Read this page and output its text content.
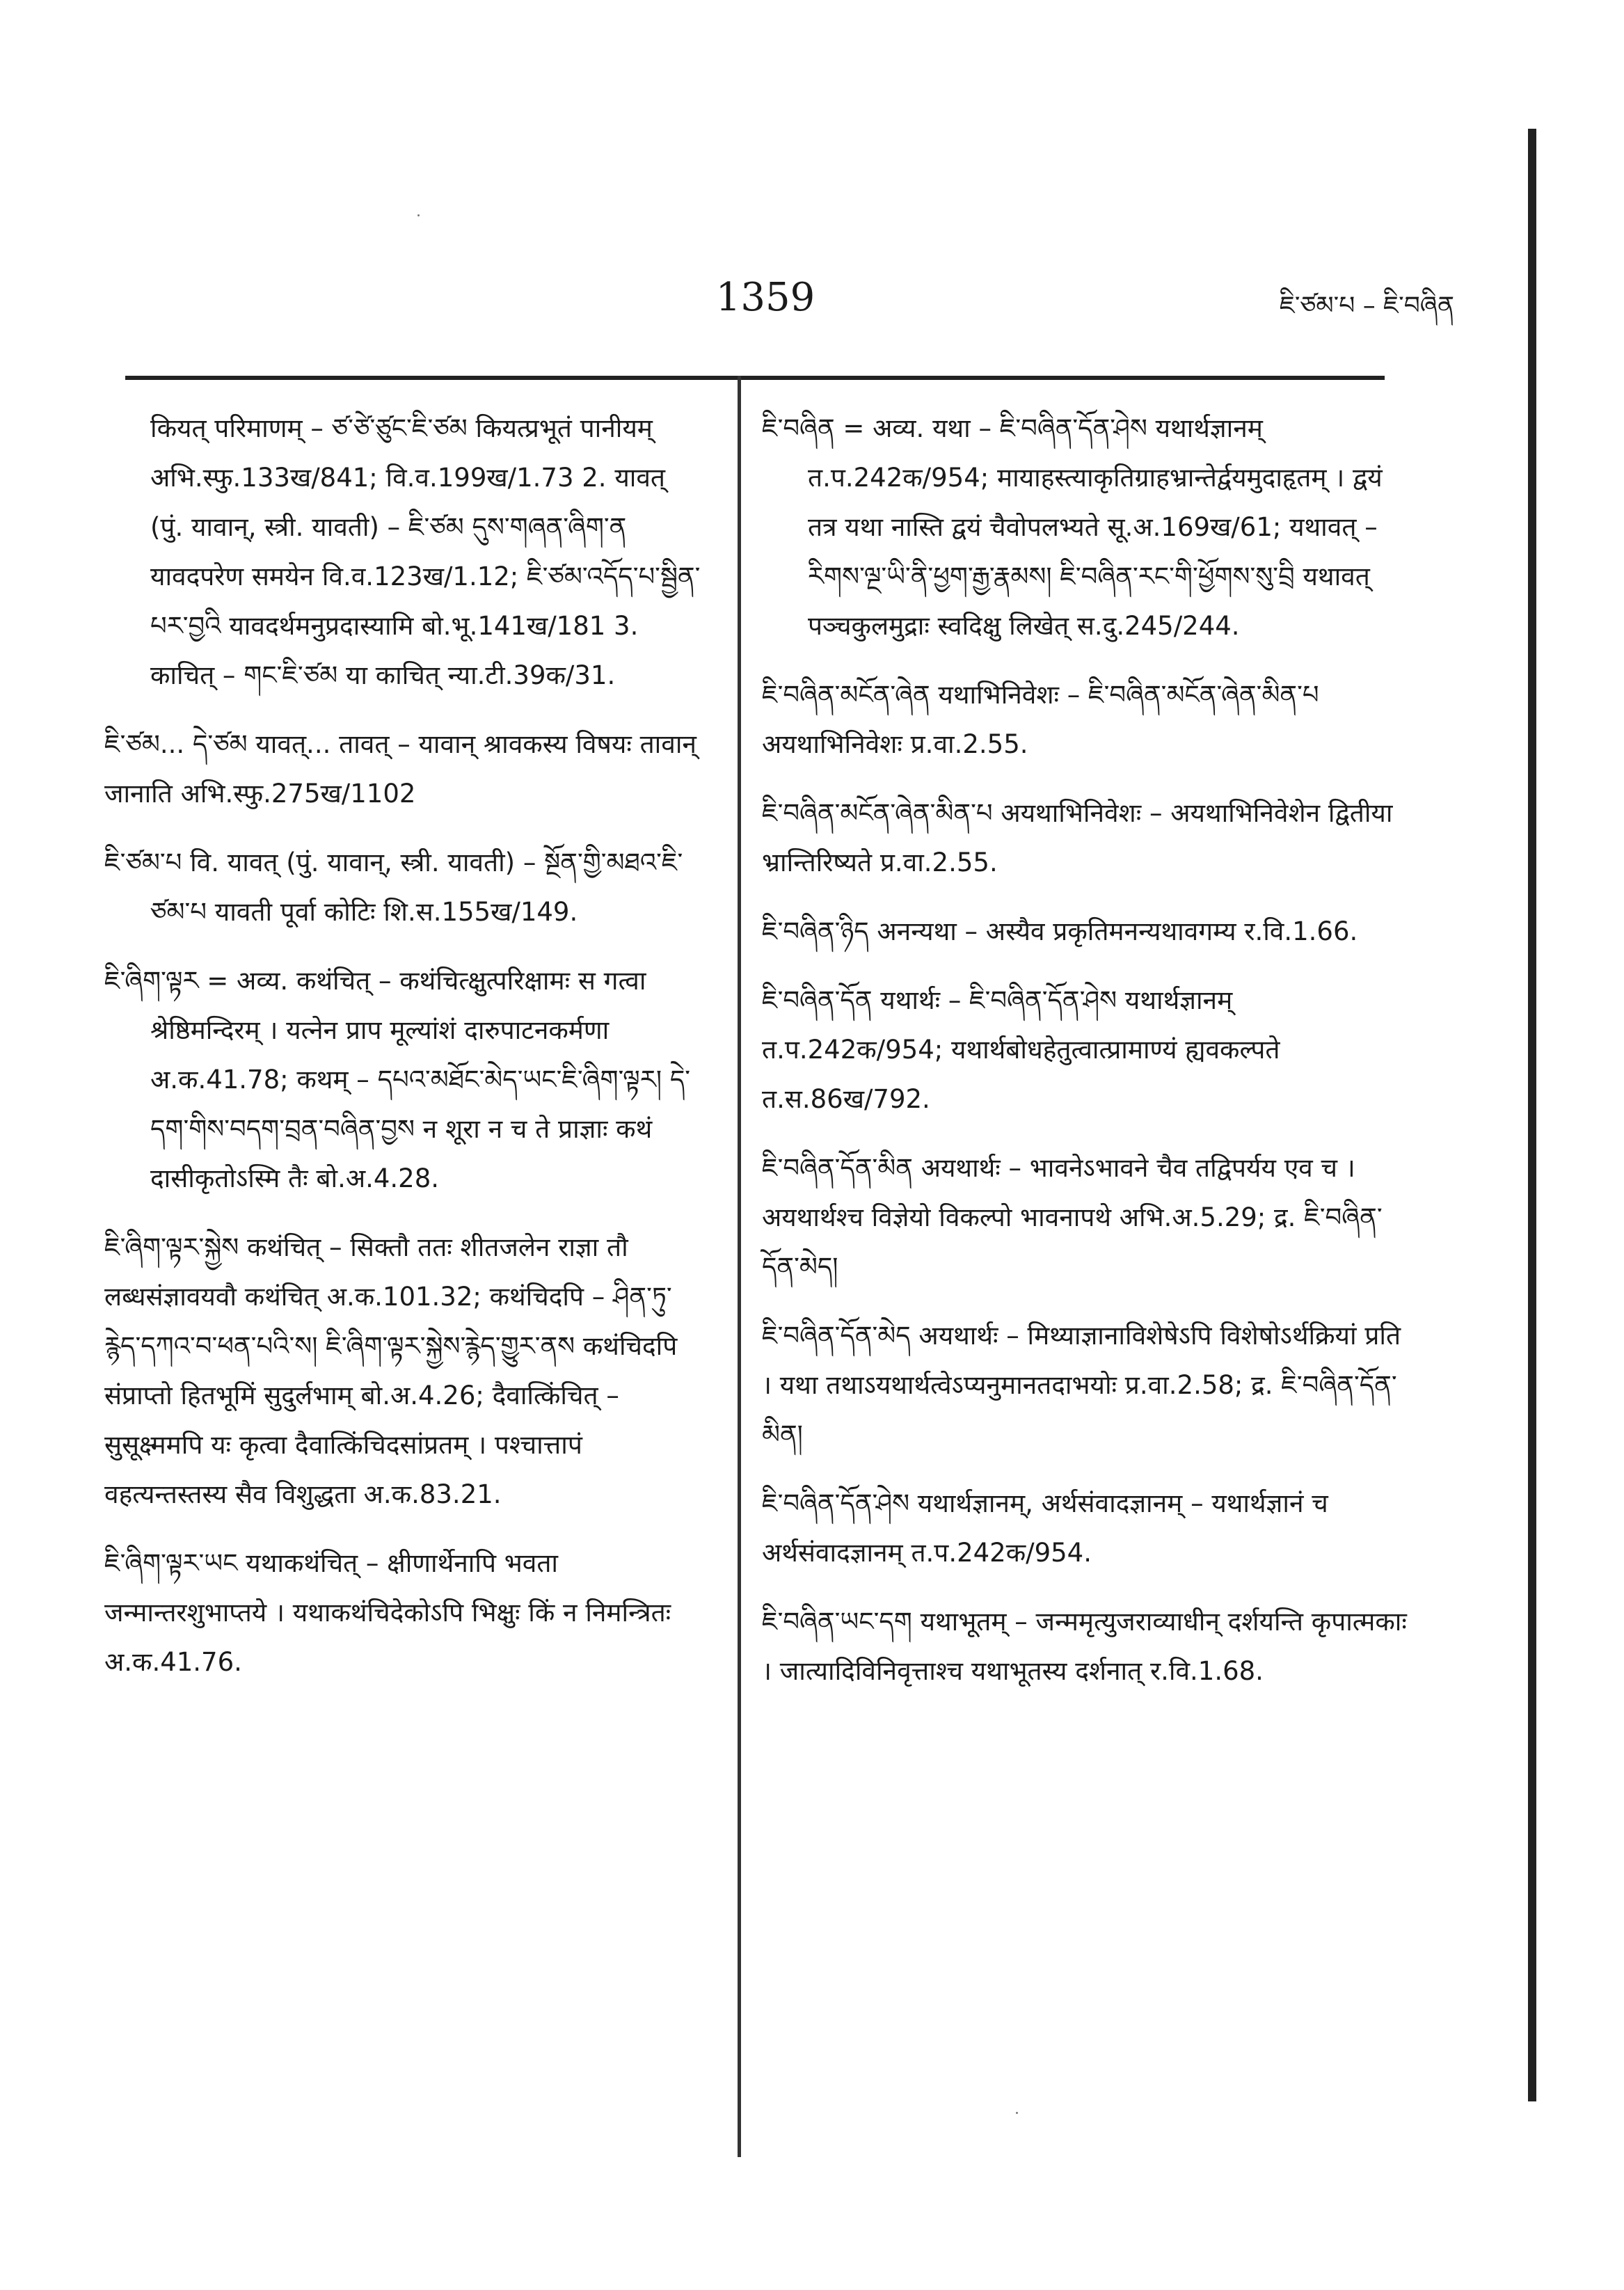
1359	ཇི་ཙམ་པ – ཇི་བཞིན

कियत् परिमाणम् – ཙ་ཙེ་ཙུང་ཇི་ཙམ कियत्प्रभूतं पानीयम् अभि.स्फु.133ख/841; वि.व.199ख/1.73 2. यावत् (पुं. यावान्, स्त्री. यावती) – ཇི་ཙམ དུས་གཞན་ཞིག་ན यावदपरेण समयेन वि.व.123ख/1.12; ཇི་ཙམ་འདོད་པ་སྦྱིན་པར་བྱའི यावदर्थमनुप्रदास्यामि बो.भू.141ख/181 3. काचित् – གང་ཇི་ཙམ या काचित् न्या.टी.39क/31.

ཇི་ཙམ... དེ་ཙམ यावत्... तावत् – यावान् श्रावकस्य विषयः तावान् जानाति अभि.स्फु.275ख/1102

ཇི་ཙམ་པ वि. यावत् (पुं. यावान्, स्त्री. यावती) – སྔོན་གྱི་མཐའ་ཇི་ཙམ་པ यावती पूर्वा कोटिः शि.स.155ख/149.

ཇི་ཞིག་ལྟར = अव्य. कथंचित् – कथंचित्क्षुत्परिक्षामः स गत्वा श्रेष्ठिमन्दिरम् । यत्नेन प्राप मूल्यांशं दारुपाटनकर्मणा अ.क.41.78; कथम् – དཔའ་མཐོང་མེད་ཡང་ཇི་ཞིག་ལྟར། དེ་དག་གིས་བདག་བྲན་བཞིན་བྱས न शूरा न च ते प्राज्ञाः कथं दासीकृतोऽस्मि तैः बो.अ.4.28.

ཇི་ཞིག་ལྟར་སྐྱེས कथंचित् – सिक्तौ ततः शीतजलेन राज्ञा तौ लब्धसंज्ञावयवौ कथंचित् अ.क.101.32; कथंचिदपि – ཤིན་ཏུ་རྙེད་དཀའ་བ་ཕན་པའི་ས། ཇི་ཞིག་ལྟར་སྐྱེས་རྙེད་གྱུར་ནས कथंचिदपि संप्राप्तो हितभूमिं सुदुर्लभाम् बो.अ.4.26; दैवात्किंचित् – सुसूक्ष्ममपि यः कृत्वा दैवात्किंचिदसांप्रतम् । पश्चात्तापं वहत्यन्तस्तस्य सैव विशुद्धता अ.क.83.21.

ཇི་ཞིག་ལྟར་ཡང यथाकथंचित् – क्षीणार्थेनापि भवता जन्मान्तरशुभाप्तये । यथाकथंचिदेकोऽपि भिक्षुः किं न निमन्त्रितः अ.क.41.76.

ཇི་བཞིན = अव्य. यथा – ཇི་བཞིན་དོན་ཤེས यथार्थज्ञानम् त.प.242क/954; मायाहस्त्याकृतिग्राहभ्रान्तेर्द्वयमुदाहृतम् । द्वयं तत्र यथा नास्ति द्वयं चैवोपलभ्यते सू.अ.169ख/61; यथावत् – རིགས་ལྔ་ཡི་ནི་ཕྱག་རྒྱ་རྣམས། ཇི་བཞིན་རང་གི་ཕྱོགས་སུ་བྲི यथावत् पञ्चकुलमुद्राः स्वदिक्षु लिखेत् स.दु.245/244.

ཇི་བཞིན་མངོན་ཞེན यथाभिनिवेशः – ཇི་བཞིན་མངོན་ཞེན་མིན་པ अयथाभिनिवेशः प्र.वा.2.55.

ཇི་བཞིན་མངོན་ཞེན་མིན་པ अयथाभिनिवेशः – अयथाभिनिवेशेन द्वितीया भ्रान्तिरिष्यते प्र.वा.2.55.

ཇི་བཞིན་ཉིད अनन्यथा – अस्यैव प्रकृतिमनन्यथावगम्य र.वि.1.66.

ཇི་བཞིན་དོན यथार्थः – ཇི་བཞིན་དོན་ཤེས यथार्थज्ञानम् त.प.242क/954; यथार्थबोधहेतुत्वात्प्रामाण्यं ह्यवकल्पते त.स.86ख/792.

ཇི་བཞིན་དོན་མིན अयथार्थः – भावनेऽभावने चैव तद्विपर्यय एव च । अयथार्थश्च विज्ञेयो विकल्पो भावनापथे अभि.अ.5.29; द्र. ཇི་བཞིན་དོན་མེད།

ཇི་བཞིན་དོན་མེད अयथार्थः – मिथ्याज्ञानाविशेषेऽपि विशेषोऽर्थक्रियां प्रति । यथा तथाऽयथार्थत्वेऽप्यनुमानतदाभयोः प्र.वा.2.58; द्र. ཇི་བཞིན་དོན་མིན།

ཇི་བཞིན་དོན་ཤེས यथार्थज्ञानम्, अर्थसंवादज्ञानम् – यथार्थज्ञानं च अर्थसंवादज्ञानम् त.प.242क/954.

ཇི་བཞིན་ཡང་དག यथाभूतम् – जन्ममृत्युजराव्याधीन् दर्शयन्ति कृपात्मकाः । जात्यादिविनिवृत्ताश्च यथाभूतस्य दर्शनात् र.वि.1.68.
